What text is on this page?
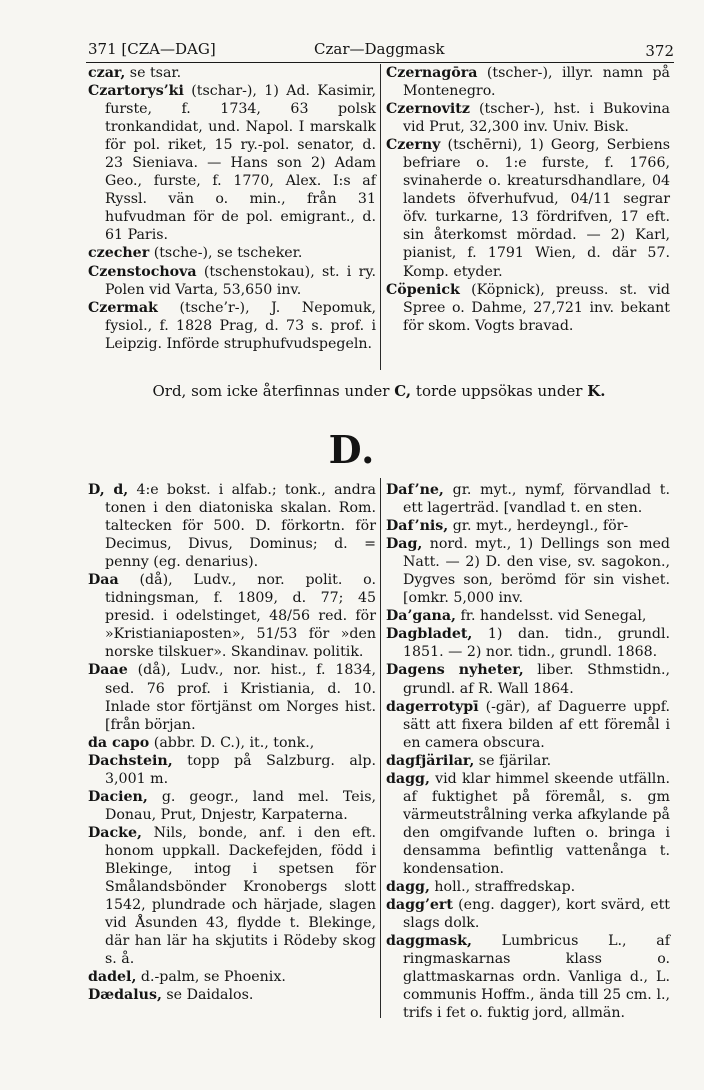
371 [CZA—DAG]	Czar—Daggmask	372

czar, se tsar.

Czartorys’ki (tschar-), 1) Ad. Kasimir, furste, f. 1734, 63 polsk tronkandidat, und. Napol. I marskalk för pol. riket, 15 ry.-pol. senator, d. 23 Sieniava. — Hans son 2) Adam Geo., furste, f. 1770, Alex. I:s af Ryssl. vän o. min., från 31 hufvudman för de pol. emigrant., d. 61 Paris.

czecher (tsche-), se tscheker.

Czenstochova (tschenstokau), st. i ry. Polen vid Varta, 53,650 inv.

Czermak (tsche’r-), J. Nepomuk, fysiol., f. 1828 Prag, d. 73 s. prof. i Leipzig. Införde struphufvudspegeln.

Czernagōra (tscher-), illyr. namn på Montenegro.

Czernovitz (tscher-), hst. i Bukovina vid Prut, 32,300 inv. Univ. Bisk.

Czerny (tschērni), 1) Georg, Serbiens befriare o. 1:e furste, f. 1766, svinaherde o. kreatursdhandlare, 04 landets öfverhufvud, 04/11 segrar öfv. turkarne, 13 fördrifven, 17 eft. sin återkomst mördad. — 2) Karl, pianist, f. 1791 Wien, d. där 57. Komp. etyder.

Cöpenick (Köpnick), preuss. st. vid Spree o. Dahme, 27,721 inv. bekant för skom. Vogts bravad.

Ord, som icke återfinnas under C, torde uppsökas under K.
D.

D, d, 4:e bokst. i alfab.; tonk., andra tonen i den diatoniska skalan. Rom. taltecken för 500. D. förkortn. för Decimus, Divus, Dominus; d. = penny (eg. denarius).

Daa (då), Ludv., nor. polit. o. tidningsman, f. 1809, d. 77; 45 presid. i odelstinget, 48/56 red. för »Kristianiaposten», 51/53 för »den norske tilskuer». Skandinav. politik.

Daae (då), Ludv., nor. hist., f. 1834, sed. 76 prof. i Kristiania, d. 10. Inlade stor förtjänst om Norges hist. [från början.

da capo (abbr. D. C.), it., tonk.,

Dachstein, topp på Salzburg. alp. 3,001 m.

Dacien, g. geogr., land mel. Teis, Donau, Prut, Dnjestr, Karpaterna.

Dacke, Nils, bonde, anf. i den eft. honom uppkall. Dackefejden, född i Blekinge, intog i spetsen för Smålandsbönder Kronobergs slott 1542, plundrade och härjade, slagen vid Åsunden 43, flydde t. Blekinge, där han lär ha skjutits i Rödeby skog s. å.

dadel, d.-palm, se Phoenix.

Dædalus, se Daidalos.

Daf’ne, gr. myt., nymf, förvandlad t. ett lagerträd. [vandlad t. en sten.

Daf’nis, gr. myt., herdeyngl., för-

Dag, nord. myt., 1) Dellings son med Natt. — 2) D. den vise, sv. sagokon., Dygves son, berömd för sin vishet. [omkr. 5,000 inv.

Da’gana, fr. handelsst. vid Senegal,

Dagbladet, 1) dan. tidn., grundl. 1851. — 2) nor. tidn., grundl. 1868.

Dagens nyheter, liber. Sthmstidn., grundl. af R. Wall 1864.

dagerrotypī (-gär), af Daguerre uppf. sätt att fixera bilden af ett föremål i en camera obscura.

dagfjärilar, se fjärilar.

dagg, vid klar himmel skeende utfälln. af fuktighet på föremål, s. gm värmeutstrålning verka afkylande på den omgifvande luften o. bringa i densamma befintlig vattenånga t. kondensation.

dagg, holl., straffredskap.

dagg’ert (eng. dagger), kort svärd, ett slags dolk.

daggmask, Lumbricus L., af ringmaskarnas klass o. glattmaskarnas ordn. Vanliga d., L. communis Hoffm., ända till 25 cm. l., trifs i fet o. fuktig jord, allmän.
